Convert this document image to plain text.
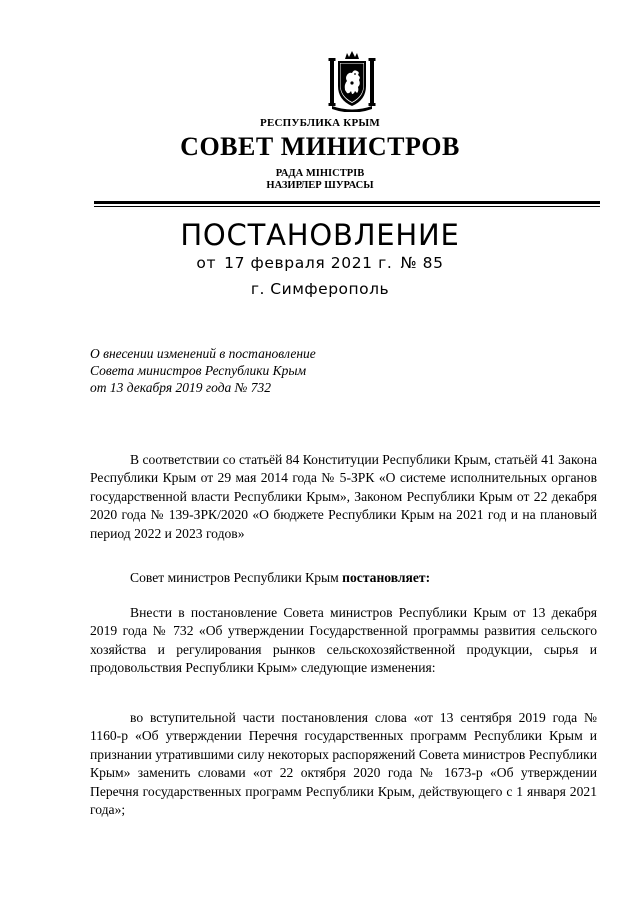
РЕСПУБЛИКА КРЫМ
СОВЕТ МИНИСТРОВ
РАДА МІНІСТРІВ
НАЗИРЛЕР ШУРАСЫ
ПОСТАНОВЛЕНИЕ
от 17 февраля 2021 г. № 85
г. Симферополь
О внесении изменений в постановление
Совета министров Республики Крым
от 13 декабря 2019 года № 732

В соответствии со статьёй 84 Конституции Республики Крым, статьёй 41 Закона Республики Крым от 29 мая 2014 года № 5-ЗРК «О системе исполнительных органов государственной власти Республики Крым», Законом Республики Крым от 22 декабря 2020 года № 139-ЗРК/2020 «О бюджете Республики Крым на 2021 год и на плановый период 2022 и 2023 годов»

Совет министров Республики Крым постановляет:

Внести в постановление Совета министров Республики Крым от 13 декабря 2019 года № 732 «Об утверждении Государственной программы развития сельского хозяйства и регулирования рынков сельскохозяйственной продукции, сырья и продовольствия Республики Крым» следующие изменения:

во вступительной части постановления слова «от 13 сентября 2019 года № 1160-р «Об утверждении Перечня государственных программ Республики Крым и признании утратившими силу некоторых распоряжений Совета министров Республики Крым» заменить словами «от 22 октября 2020 года № 1673-р «Об утверждении Перечня государственных программ Республики Крым, действующего с 1 января 2021 года»;
